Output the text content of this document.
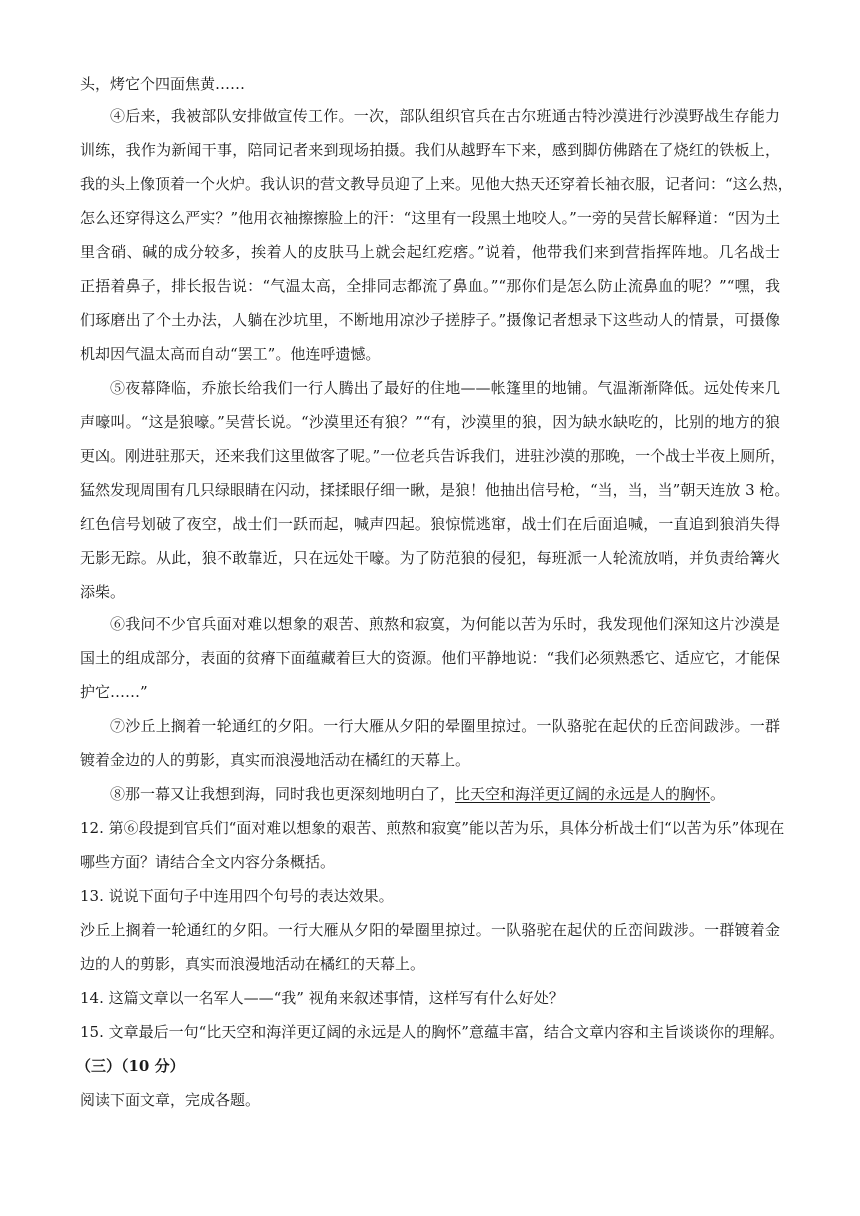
头，烤它个四面焦黄……
④后来，我被部队安排做宣传工作。一次，部队组织官兵在古尔班通古特沙漠进行沙漠野战生存能力
训练，我作为新闻干事，陪同记者来到现场拍摄。我们从越野车下来，感到脚仿佛踏在了烧红的铁板上，
我的头上像顶着一个火炉。我认识的营文教导员迎了上来。见他大热天还穿着长袖衣服，记者问：“这么热，
怎么还穿得这么严实？”他用衣袖擦擦脸上的汗：“这里有一段黑土地咬人。”一旁的吴营长解释道：“因为土
里含硝、碱的成分较多，挨着人的皮肤马上就会起红疙瘩。”说着，他带我们来到营指挥阵地。几名战士
正捂着鼻子，排长报告说：“气温太高，全排同志都流了鼻血。”“那你们是怎么防止流鼻血的呢？”“嘿，我
们琢磨出了个土办法，人躺在沙坑里，不断地用凉沙子搓脖子。”摄像记者想录下这些动人的情景，可摄像
机却因气温太高而自动“罢工”。他连呼遗憾。
⑤夜幕降临，乔旅长给我们一行人腾出了最好的住地——帐篷里的地铺。气温渐渐降低。远处传来几
声嚎叫。“这是狼嚎。”吴营长说。“沙漠里还有狼？”“有，沙漠里的狼，因为缺水缺吃的，比别的地方的狼
更凶。刚进驻那天，还来我们这里做客了呢。”一位老兵告诉我们，进驻沙漠的那晚，一个战士半夜上厕所，
猛然发现周围有几只绿眼睛在闪动，揉揉眼仔细一瞅，是狼！他抽出信号枪，“当，当，当”朝天连放 3 枪。
红色信号划破了夜空，战士们一跃而起，喊声四起。狼惊慌逃窜，战士们在后面追喊，一直追到狼消失得
无影无踪。从此，狼不敢靠近，只在远处干嚎。为了防范狼的侵犯，每班派一人轮流放哨，并负责给篝火
添柴。
⑥我问不少官兵面对难以想象的艰苦、煎熬和寂寞，为何能以苦为乐时，我发现他们深知这片沙漠是
国土的组成部分，表面的贫瘠下面蕴藏着巨大的资源。他们平静地说：“我们必须熟悉它、适应它，才能保
护它……”
⑦沙丘上搁着一轮通红的夕阳。一行大雁从夕阳的晕圈里掠过。一队骆驼在起伏的丘峦间跋涉。一群
镀着金边的人的剪影，真实而浪漫地活动在橘红的天幕上。
⑧那一幕又让我想到海，同时我也更深刻地明白了，比天空和海洋更辽阔的永远是人的胸怀。
12. 第⑥段提到官兵们“面对难以想象的艰苦、煎熬和寂寞”能以苦为乐，具体分析战士们“以苦为乐”体现在
哪些方面？请结合全文内容分条概括。
13. 说说下面句子中连用四个句号的表达效果。
沙丘上搁着一轮通红的夕阳。一行大雁从夕阳的晕圈里掠过。一队骆驼在起伏的丘峦间跋涉。一群镀着金
边的人的剪影，真实而浪漫地活动在橘红的天幕上。
14. 这篇文章以一名军人——“我” 视角来叙述事情，这样写有什么好处？
15. 文章最后一句“比天空和海洋更辽阔的永远是人的胸怀”意蕴丰富，结合文章内容和主旨谈谈你的理解。
（三）（10 分）
阅读下面文章，完成各题。
